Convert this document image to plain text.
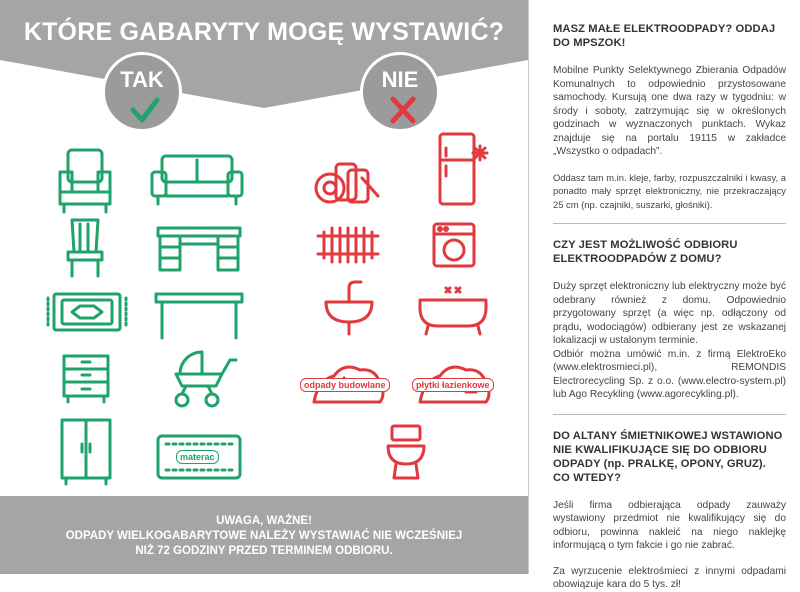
KTÓRE GABARYTY MOGĘ WYSTAWIĆ?
TAK	NIE
materac
odpady budowlane	płytki łazienkowe
UWAGA, WAŻNE!
ODPADY WIELKOGABARYTOWE NALEŻY WYSTAWIAĆ NIE WCZEŚNIEJ
NIŻ 72 GODZINY PRZED TERMINEM ODBIORU.
MASZ MAŁE ELEKTROODPADY? ODDAJ DO MPSZOK!
Mobilne Punkty Selektywnego Zbierania Odpadów Komunalnych to odpowiednio przystosowane samochody. Kursują one dwa razy w tygodniu: w środy i soboty, zatrzymując się w określonych godzinach w wyznaczonych punktach. Wykaz znajduje się na portalu 19115 w zakładce „Wszystko o odpadach”.
Oddasz tam m.in. kleje, farby, rozpuszczalniki i kwasy, a ponadto mały sprzęt elektroniczny, nie przekraczający 25 cm (np. czajniki, suszarki, głośniki).
CZY JEST MOŻLIWOŚĆ ODBIORU ELEKTROODPADÓW Z DOMU?
Duży sprzęt elektroniczny lub elektryczny może być odebrany również z domu. Odpowiednio przygotowany sprzęt (a więc np. odłączony od prądu, wodociągów) odbierany jest ze wskazanej lokalizacji w ustalonym terminie.
Odbiór można umówić m.in. z firmą ElektroEko (www.elektrosmieci.pl), REMONDIS Electrorecycling Sp. z o.o. (www.electro-system.pl) lub Ago Recykling (www.agorecykling.pl).
DO ALTANY ŚMIETNIKOWEJ WSTAWIONO NIE KWALIFIKUJĄCE SIĘ DO ODBIORU ODPADY (np. PRALKĘ, OPONY, GRUZ). CO WTEDY?
Jeśli firma odbierająca odpady zauważy wystawiony przedmiot nie kwalifikujący się do odbioru, powinna nakleić na niego naklejkę informującą o tym fakcie i go nie zabrać.
Za wyrzucenie elektrośmieci z innymi odpadami obowiązuje kara do 5 tys. zł!
